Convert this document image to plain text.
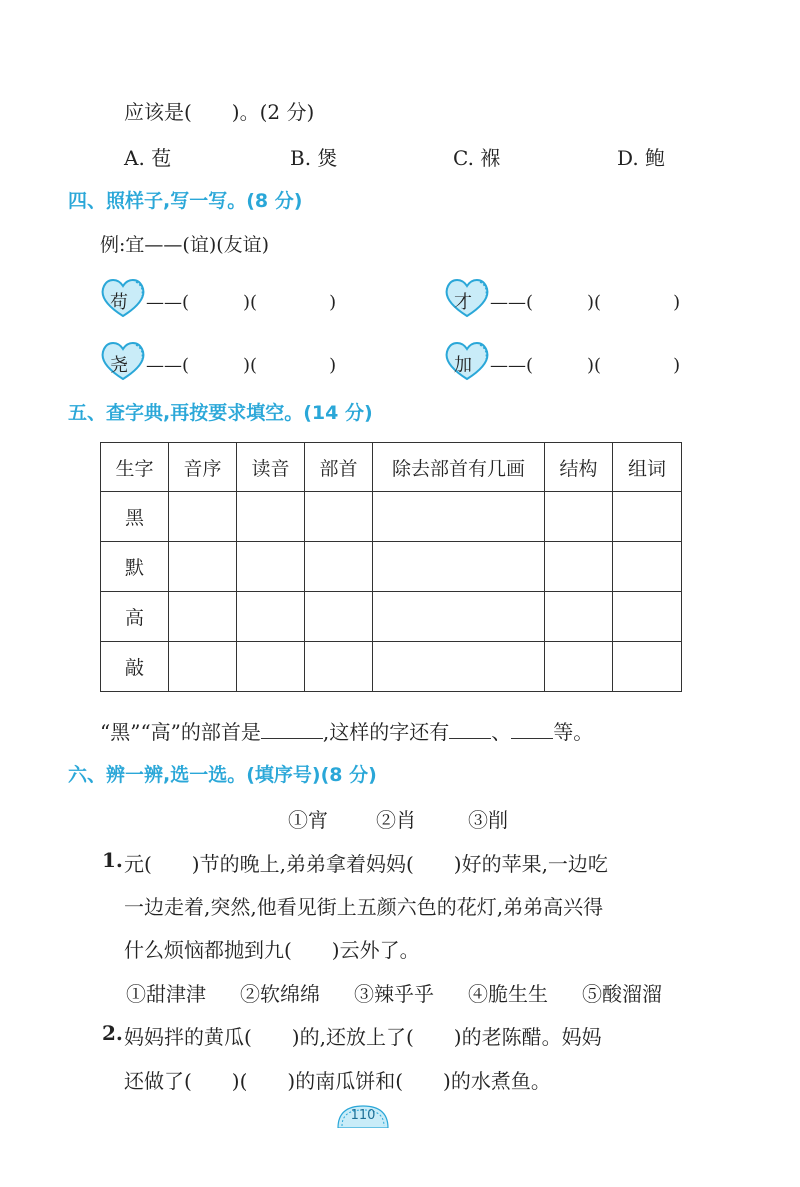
应该是(　　)。(2 分)
A. 苞	B. 煲	C. 褓	D. 鲍
四、照样子,写一写。(8 分)
例:宜——(谊)(友谊)
苟	——(　　　)(　　　　)	才	——(　　　)(　　　　)
尧	——(　　　)(　　　　)	加	——(　　　)(　　　　)
五、查字典,再按要求填空。(14 分)
生字	音序	读音	部首	除去部首有几画	结构	组词
黑						
默						
高						
敲						
“黑”“高”的部首是	,这样的字还有 、 等。
六、辨一辨,选一选。(填序号)(8 分)
①宵 ②肖	③削
1. 元(　　)节的晚上,弟弟拿着妈妈(　　)好的苹果,一边吃
一边走着,突然,他看见街上五颜六色的花灯,弟弟高兴得
什么烦恼都抛到九(　　)云外了。
①甜津津 ②软绵绵 ③辣乎乎 ④脆生生 ⑤酸溜溜
2. 妈妈拌的黄瓜(　　)的,还放上了(　　)的老陈醋。妈妈
还做了(　　)(　　)的南瓜饼和(　　)的水煮鱼。
110
